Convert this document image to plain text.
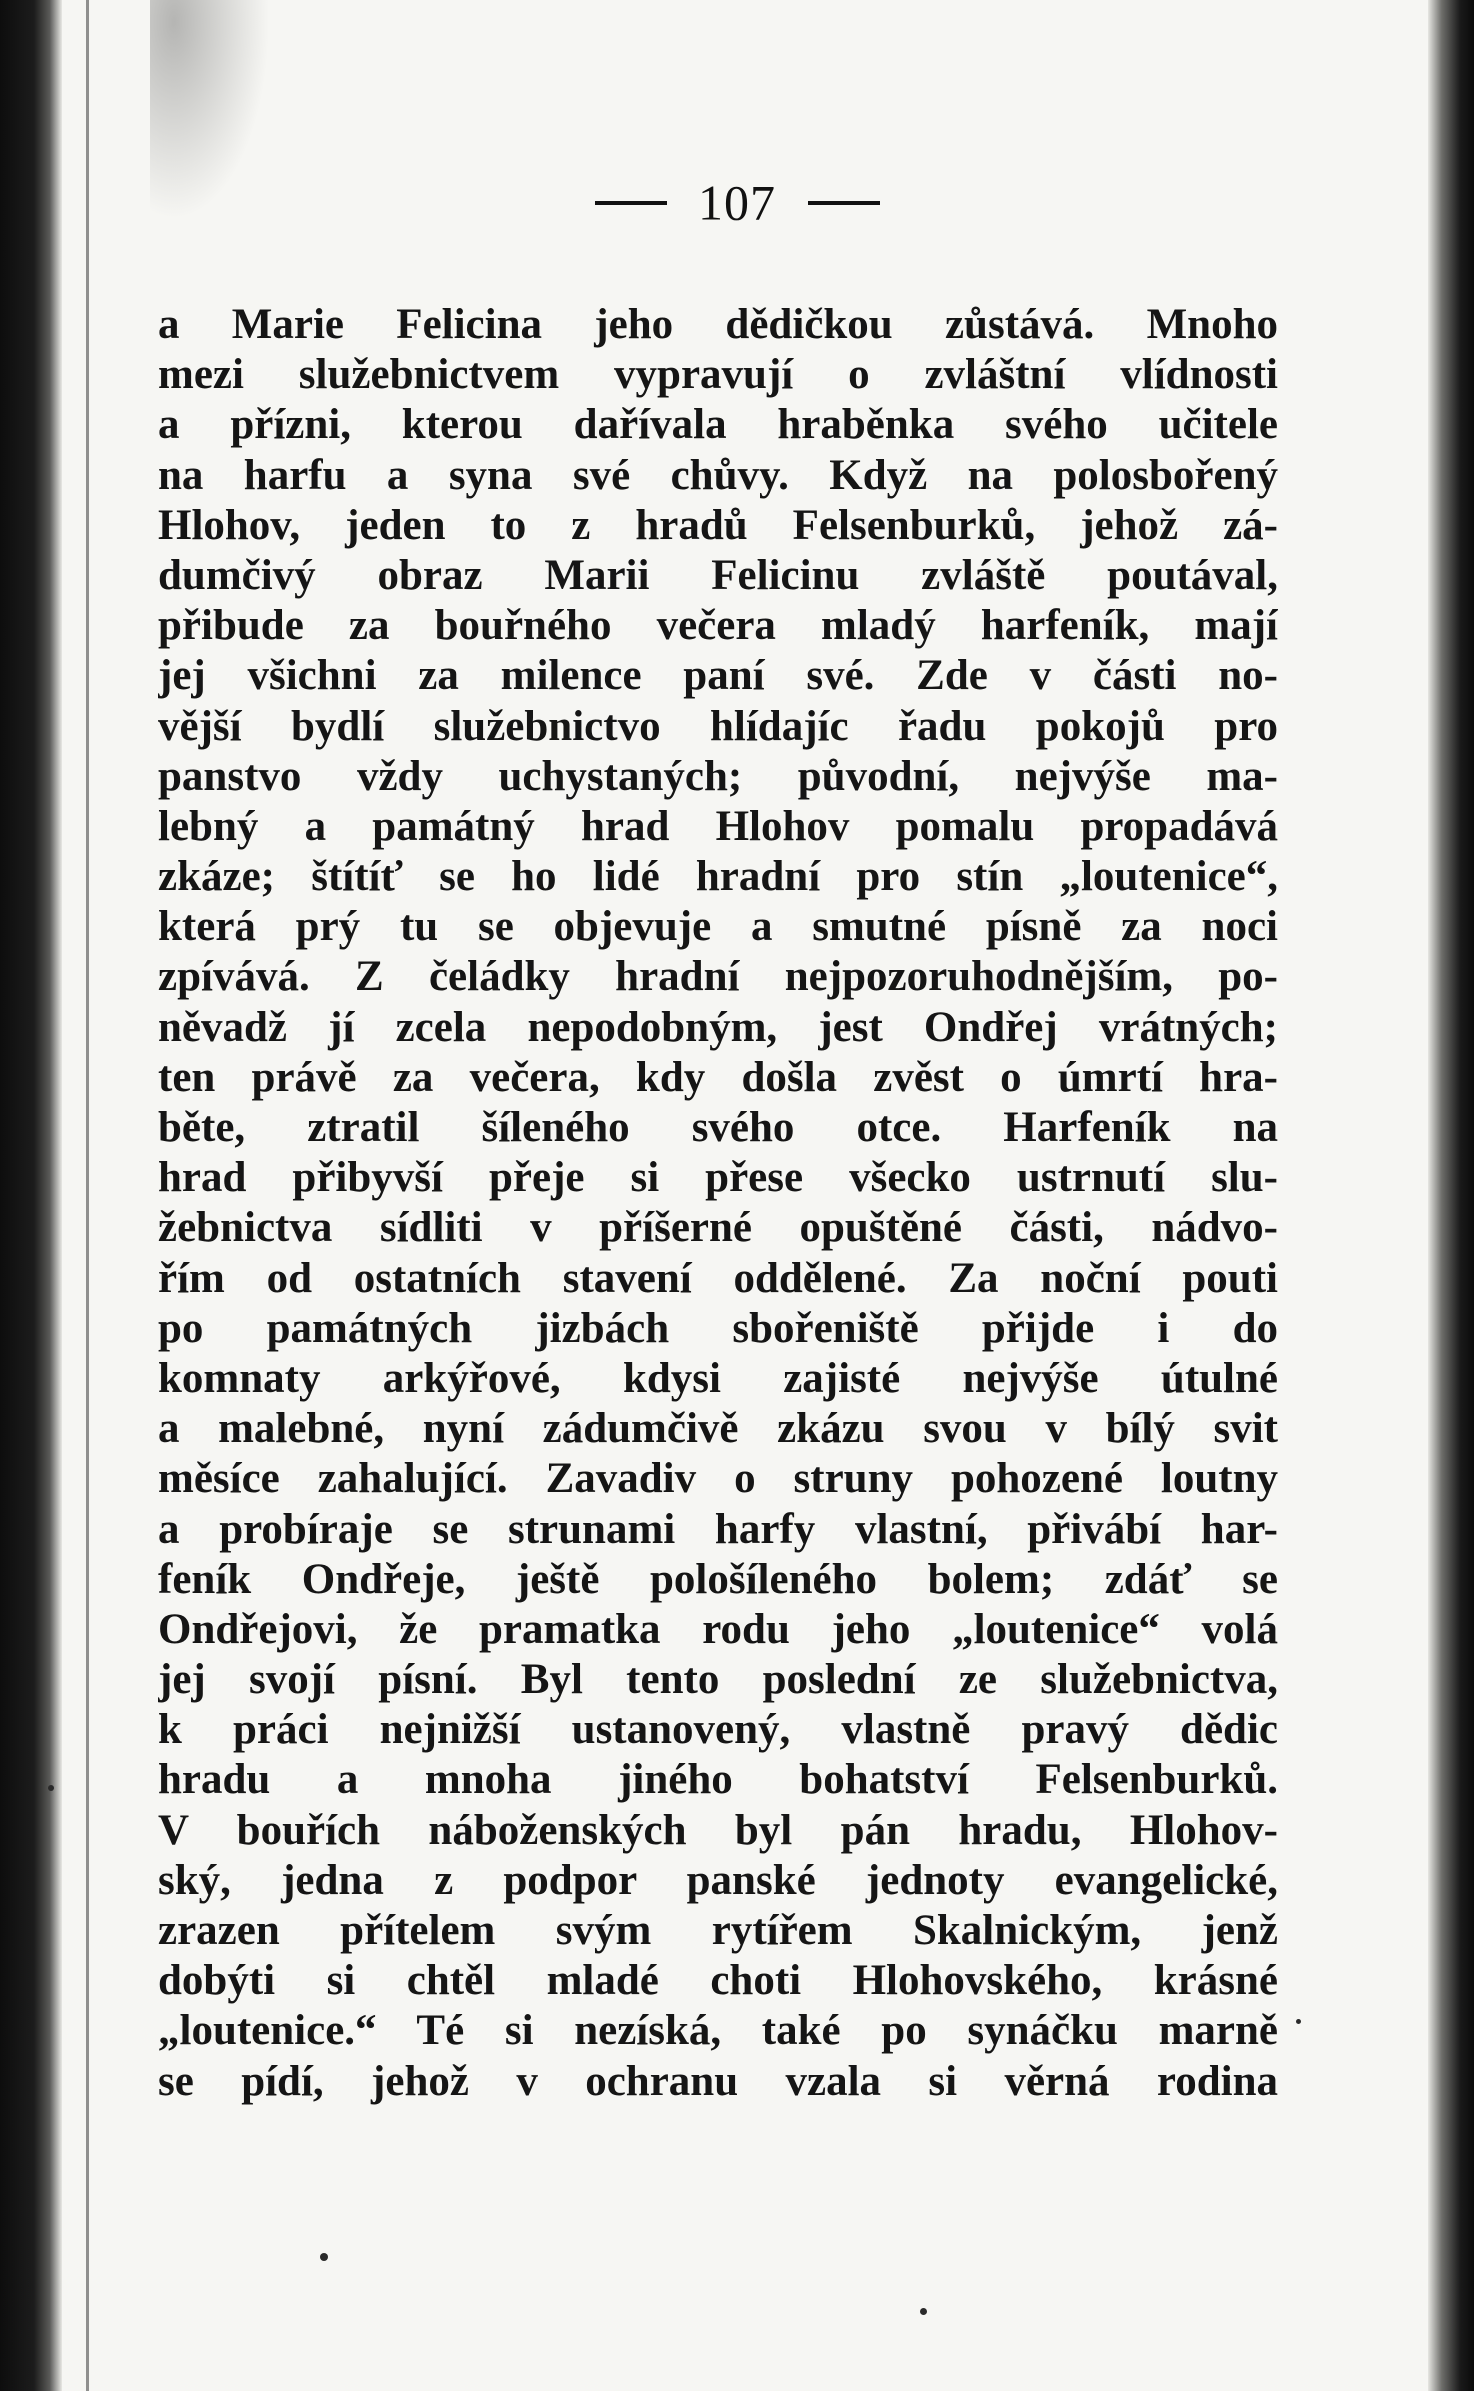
107
a Marie Felicina jeho dědičkou zůstává. Mnoho
mezi služebnictvem vypravují o zvláštní vlídnosti
a přízni, kterou dařívala hraběnka svého učitele
na harfu a syna své chůvy. Když na polosbořený
Hlohov, jeden to z hradů Felsenburků, jehož zá-
dumčivý obraz Marii Felicinu zvláště poutával,
přibude za bouřného večera mladý harfeník, mají
jej všichni za milence paní své. Zde v části no-
vější bydlí služebnictvo hlídajíc řadu pokojů pro
panstvo vždy uchystaných; původní, nejvýše ma-
lebný a památný hrad Hlohov pomalu propadává
zkáze; štítíť se ho lidé hradní pro stín „loutenice“,
která prý tu se objevuje a smutné písně za noci
zpívává. Z čeládky hradní nejpozoruhodnějším, po-
něvadž jí zcela nepodobným, jest Ondřej vrátných;
ten právě za večera, kdy došla zvěst o úmrtí hra-
běte, ztratil šíleného svého otce. Harfeník na
hrad přibyvší přeje si přese všecko ustrnutí slu-
žebnictva sídliti v příšerné opuštěné části, nádvo-
řím od ostatních stavení oddělené. Za noční pouti
po památných jizbách sbořeniště přijde i do
komnaty arkýřové, kdysi zajisté nejvýše útulné
a malebné, nyní zádumčivě zkázu svou v bílý svit
měsíce zahalující. Zavadiv o struny pohozené loutny
a probíraje se strunami harfy vlastní, přivábí har-
feník Ondřeje, ještě pološíleného bolem; zdáť se
Ondřejovi, že pramatka rodu jeho „loutenice“ volá
jej svojí písní. Byl tento poslední ze služebnictva,
k práci nejnižší ustanovený, vlastně pravý dědic
hradu a mnoha jiného bohatství Felsenburků.
V bouřích náboženských byl pán hradu, Hlohov-
ský, jedna z podpor panské jednoty evangelické,
zrazen přítelem svým rytířem Skalnickým, jenž
dobýti si chtěl mladé choti Hlohovského, krásné
„loutenice.“ Té si nezíská, také po synáčku marně
se pídí, jehož v ochranu vzala si věrná rodina
